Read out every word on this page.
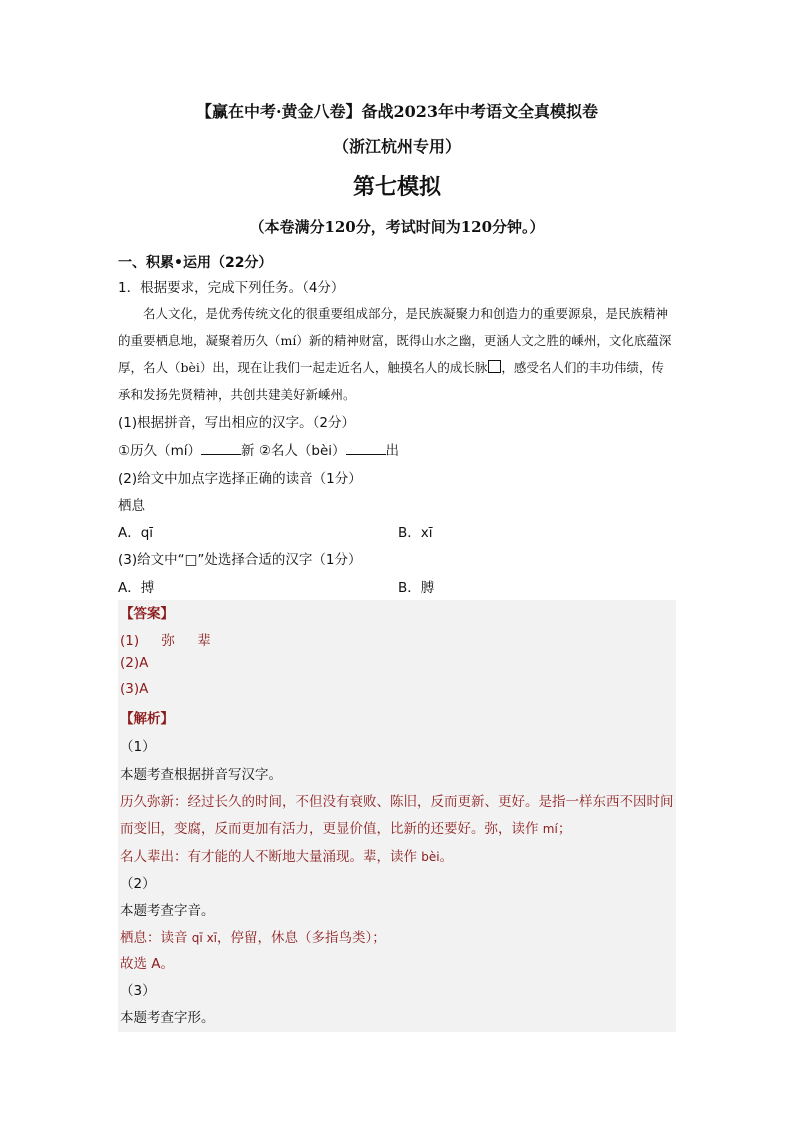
【赢在中考·黄金八卷】备战2023年中考语文全真模拟卷
（浙江杭州专用）
第七模拟
（本卷满分120分，考试时间为120分钟。）
一、积累•运用（22分）
1．根据要求，完成下列任务。（4分）
名人文化，是优秀传统文化的很重要组成部分，是民族凝聚力和创造力的重要源泉，是民族精神的重要栖息地，凝聚着历久（mí）新的精神财富，既得山水之幽，更涵人文之胜的嵊州，文化底蕴深厚，名人（bèi）出，现在让我们一起走近名人，触摸名人的成长脉 ，感受名人们的丰功伟绩，传承和发扬先贤精神，共创共建美好新嵊州。
(1)根据拼音，写出相应的汉字。（2分）
①历久（mí）	新 ②名人（bèi）	出
(2)给文中加点字选择正确的读音（1分）
栖息
A．qī	B．xī
(3)给文中“□”处选择合适的汉字（1分）
A．搏	B．膊
【答案】
(1) 弥 辈
(2)A
(3)A
【解析】
（1）
本题考查根据拼音写汉字。
历久弥新：经过长久的时间，不但没有衰败、陈旧，反而更新、更好。是指一样东西不因时间而变旧，变腐，反而更加有活力，更显价值，比新的还要好。弥，读作 mí；
名人辈出：有才能的人不断地大量涌现。辈，读作 bèi。
（2）
本题考查字音。
栖息：读音 qī xī，停留，休息（多指鸟类）；
故选 A。
（3）
本题考查字形。
